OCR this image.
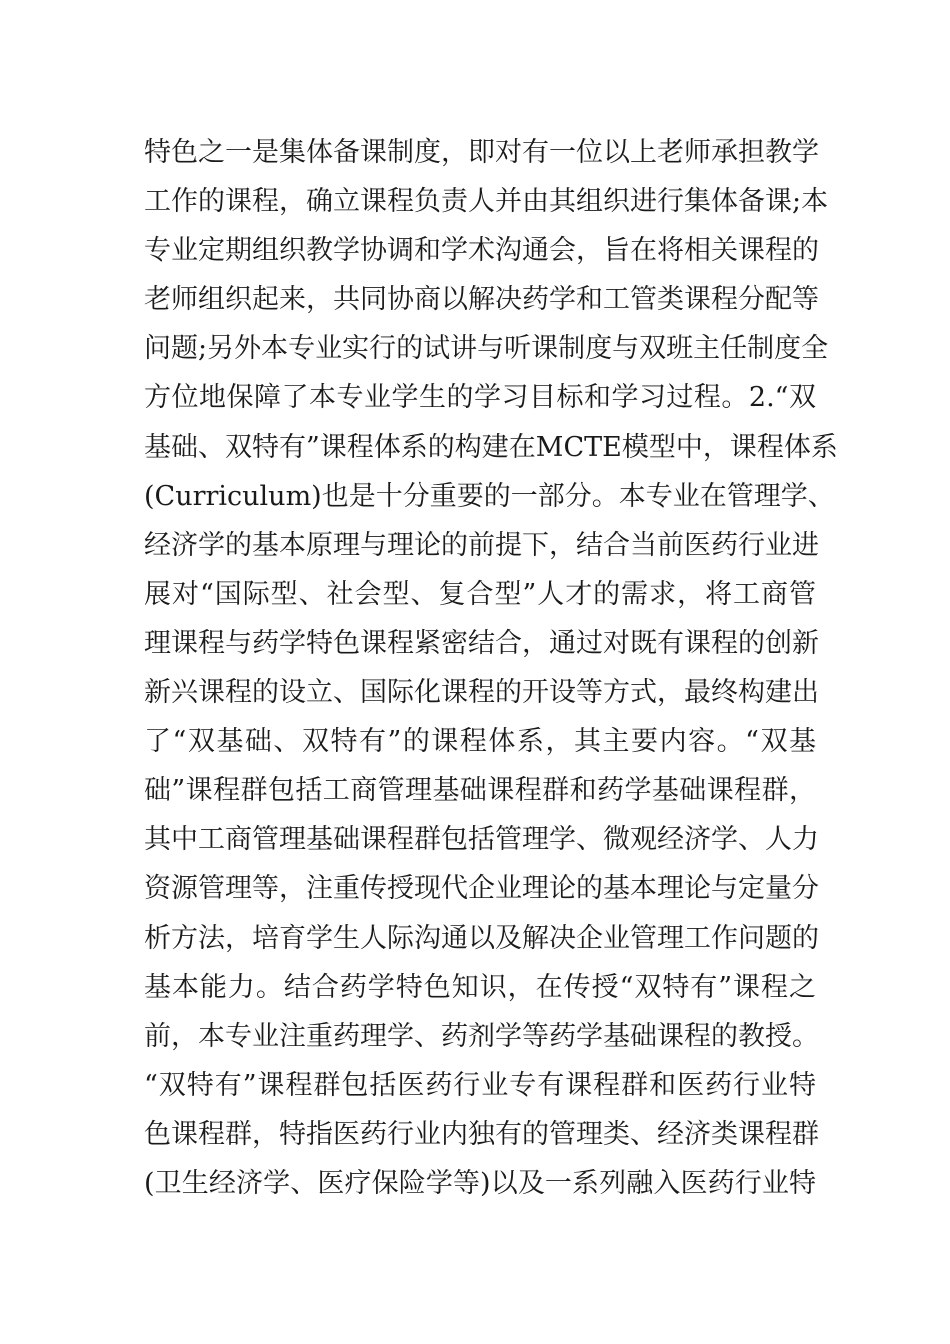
特色之一是集体备课制度，即对有一位以上老师承担教学
工作的课程，确立课程负责人并由其组织进行集体备课;本
专业定期组织教学协调和学术沟通会，旨在将相关课程的
老师组织起来，共同协商以解决药学和工管类课程分配等
问题;另外本专业实行的试讲与听课制度与双班主任制度全
方位地保障了本专业学生的学习目标和学习过程。2.“双
基础、双特有”课程体系的构建在MCTE模型中，课程体系
(Curriculum)也是十分重要的一部分。本专业在管理学、
经济学的基本原理与理论的前提下，结合当前医药行业进
展对“国际型、社会型、复合型”人才的需求，将工商管
理课程与药学特色课程紧密结合，通过对既有课程的创新
新兴课程的设立、国际化课程的开设等方式，最终构建出
了“双基础、双特有”的课程体系，其主要内容。“双基
础”课程群包括工商管理基础课程群和药学基础课程群，
其中工商管理基础课程群包括管理学、微观经济学、人力
资源管理等，注重传授现代企业理论的基本理论与定量分
析方法，培育学生人际沟通以及解决企业管理工作问题的
基本能力。结合药学特色知识，在传授“双特有”课程之
前，本专业注重药理学、药剂学等药学基础课程的教授。
“双特有”课程群包括医药行业专有课程群和医药行业特
色课程群，特指医药行业内独有的管理类、经济类课程群
(卫生经济学、医疗保险学等)以及一系列融入医药行业特
